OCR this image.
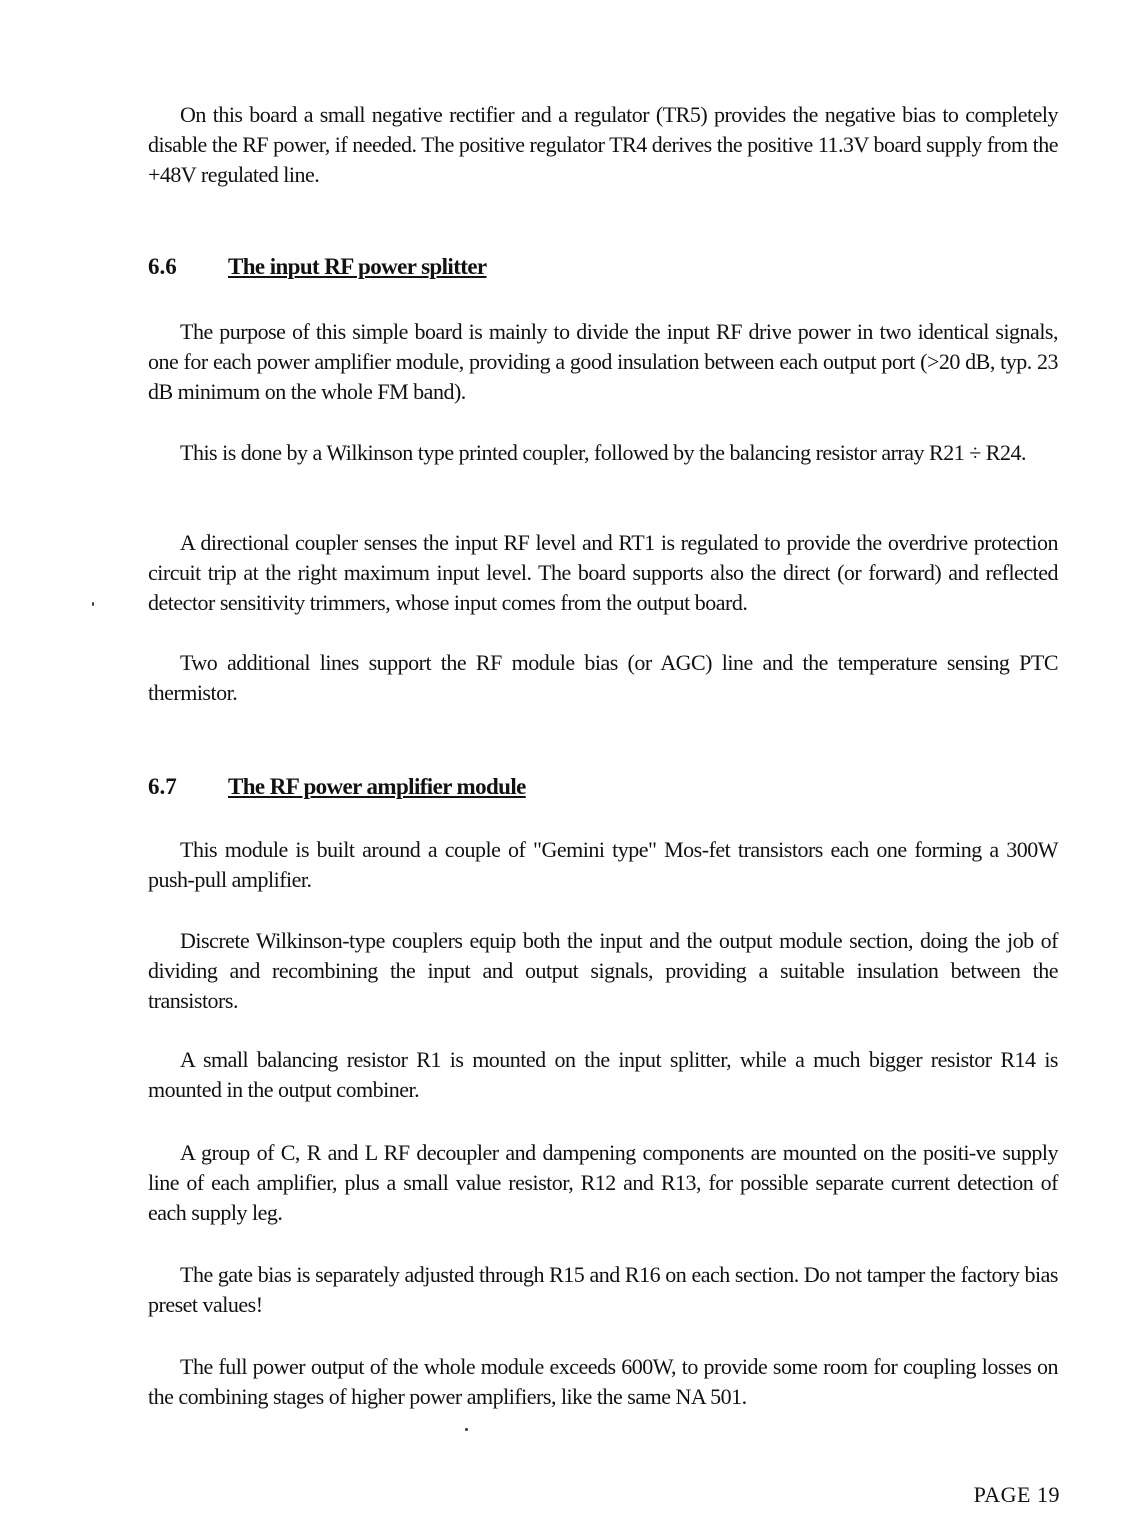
On this board a small negative rectifier and a regulator (TR5) provides the negative bias to completely disable the RF power, if needed. The positive regulator TR4 derives the positive 11.3V board supply from the +48V regulated line.

6.6 The input RF power splitter

The purpose of this simple board is mainly to divide the input RF drive power in two identical signals, one for each power amplifier module, providing a good insulation between each output port (>20 dB, typ. 23 dB minimum on the whole FM band).

This is done by a Wilkinson type printed coupler, followed by the balancing resistor array R21 ÷ R24.

A directional coupler senses the input RF level and RT1 is regulated to provide the overdrive protection circuit trip at the right maximum input level. The board supports also the direct (or forward) and reflected detector sensitivity trimmers, whose input comes from the output board.

Two additional lines support the RF module bias (or AGC) line and the temperature sensing PTC thermistor.

6.7 The RF power amplifier module

This module is built around a couple of "Gemini type" Mos-fet transistors each one forming a 300W push-pull amplifier.

Discrete Wilkinson-type couplers equip both the input and the output module section, doing the job of dividing and recombining the input and output signals, providing a suitable insulation between the transistors.

A small balancing resistor R1 is mounted on the input splitter, while a much bigger resistor R14 is mounted in the output combiner.

A group of C, R and L RF decoupler and dampening components are mounted on the positi-ve supply line of each amplifier, plus a small value resistor, R12 and R13, for possible separate current detection of each supply leg.

The gate bias is separately adjusted through R15 and R16 on each section. Do not tamper the factory bias preset values!

The full power output of the whole module exceeds 600W, to provide some room for coupling losses on the combining stages of higher power amplifiers, like the same NA 501.

PAGE 19
